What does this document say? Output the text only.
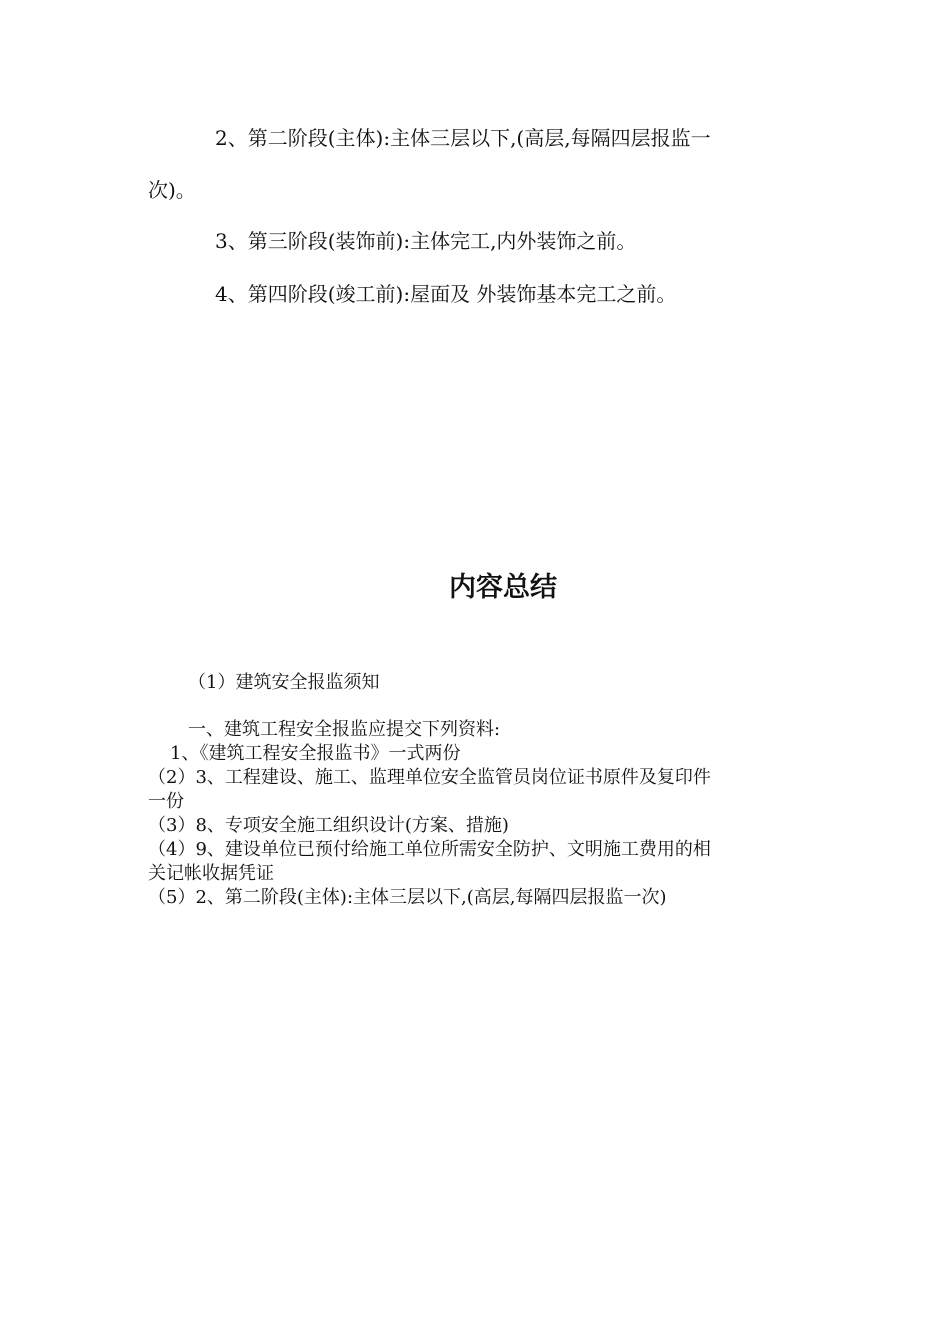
2、第二阶段(主体):主体三层以下,(高层,每隔四层报监一

次)。

3、第三阶段(装饰前):主体完工,内外装饰之前。

4、第四阶段(竣工前):屋面及 外装饰基本完工之前。

内容总结

（1）建筑安全报监须知

一、建筑工程安全报监应提交下列资料:

1、《建筑工程安全报监书》一式两份

（2）3、工程建设、施工、监理单位安全监管员岗位证书原件及复印件

一份

（3）8、专项安全施工组织设计(方案、措施)

（4）9、建设单位已预付给施工单位所需安全防护、文明施工费用的相

关记帐收据凭证

（5）2、第二阶段(主体):主体三层以下,(高层,每隔四层报监一次)
